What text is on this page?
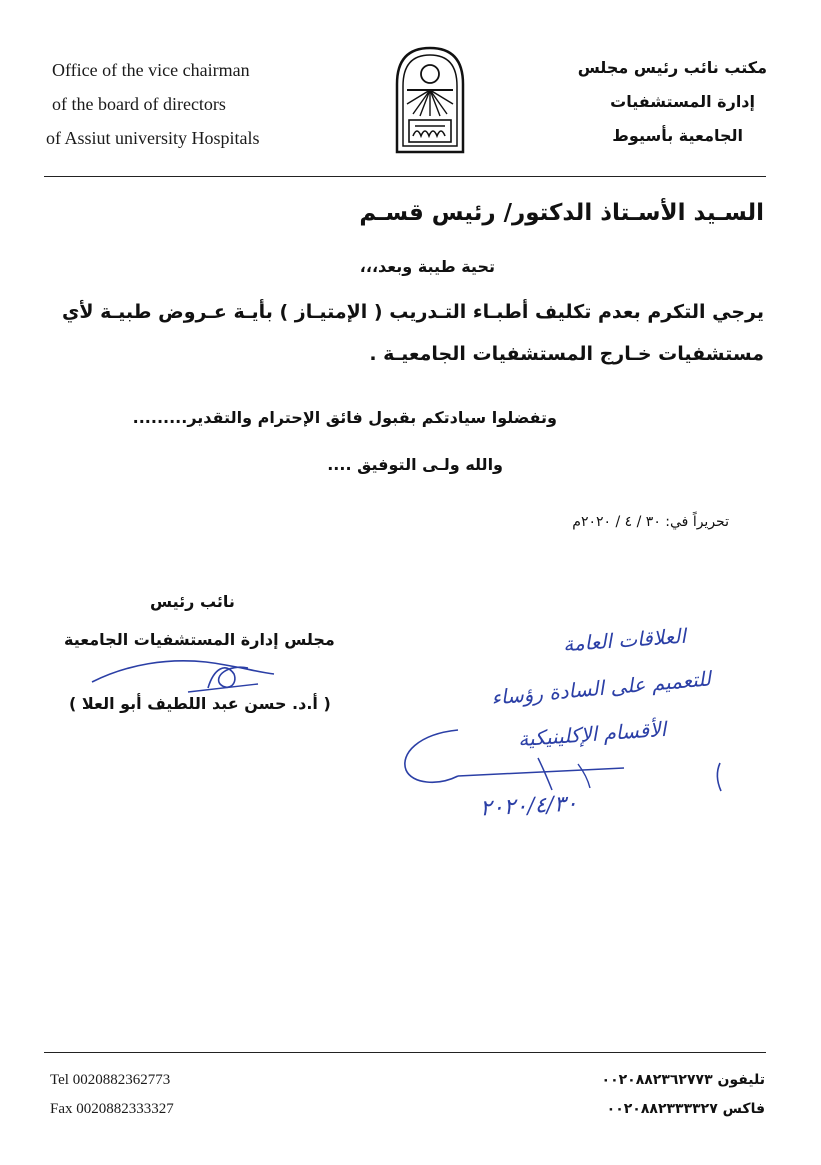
Office of the vice chairman
of the board of directors
of Assiut university Hospitals
مكتب نائب رئيس مجلس
إدارة المستشفيات
الجامعية بأسيوط
السـيد الأسـتاذ الدكتور/ رئيس قسـم
تحية طيبة وبعد،،،
يرجي التكرم بعدم تكليف أطبـاء التـدريب ( الإمتيـاز ) بأيـة عـروض طبيـة لأي
مستشفيات خـارج المستشفيات الجامعيـة .
وتفضلوا سيادتكم بقبول فائق الإحترام والتقدير.........
والله ولـى التوفيق ....
تحريراً في: ٣٠ / ٤ / ٢٠٢٠م
نائب رئيس
مجلس إدارة المستشفيات الجامعية
( أ.د. حسن عبد اللطيف أبو العلا )
العلاقات العامة
للتعميم على السادة رؤساء
الأقسام الإكلينيكية
٢٠٢٠/٤/٣٠
Tel 0020882362773
Fax 0020882333327
تليفون ٠٠٢٠٨٨٢٣٦٢٧٧٣
فاكس ٠٠٢٠٨٨٢٣٣٣٣٢٧
